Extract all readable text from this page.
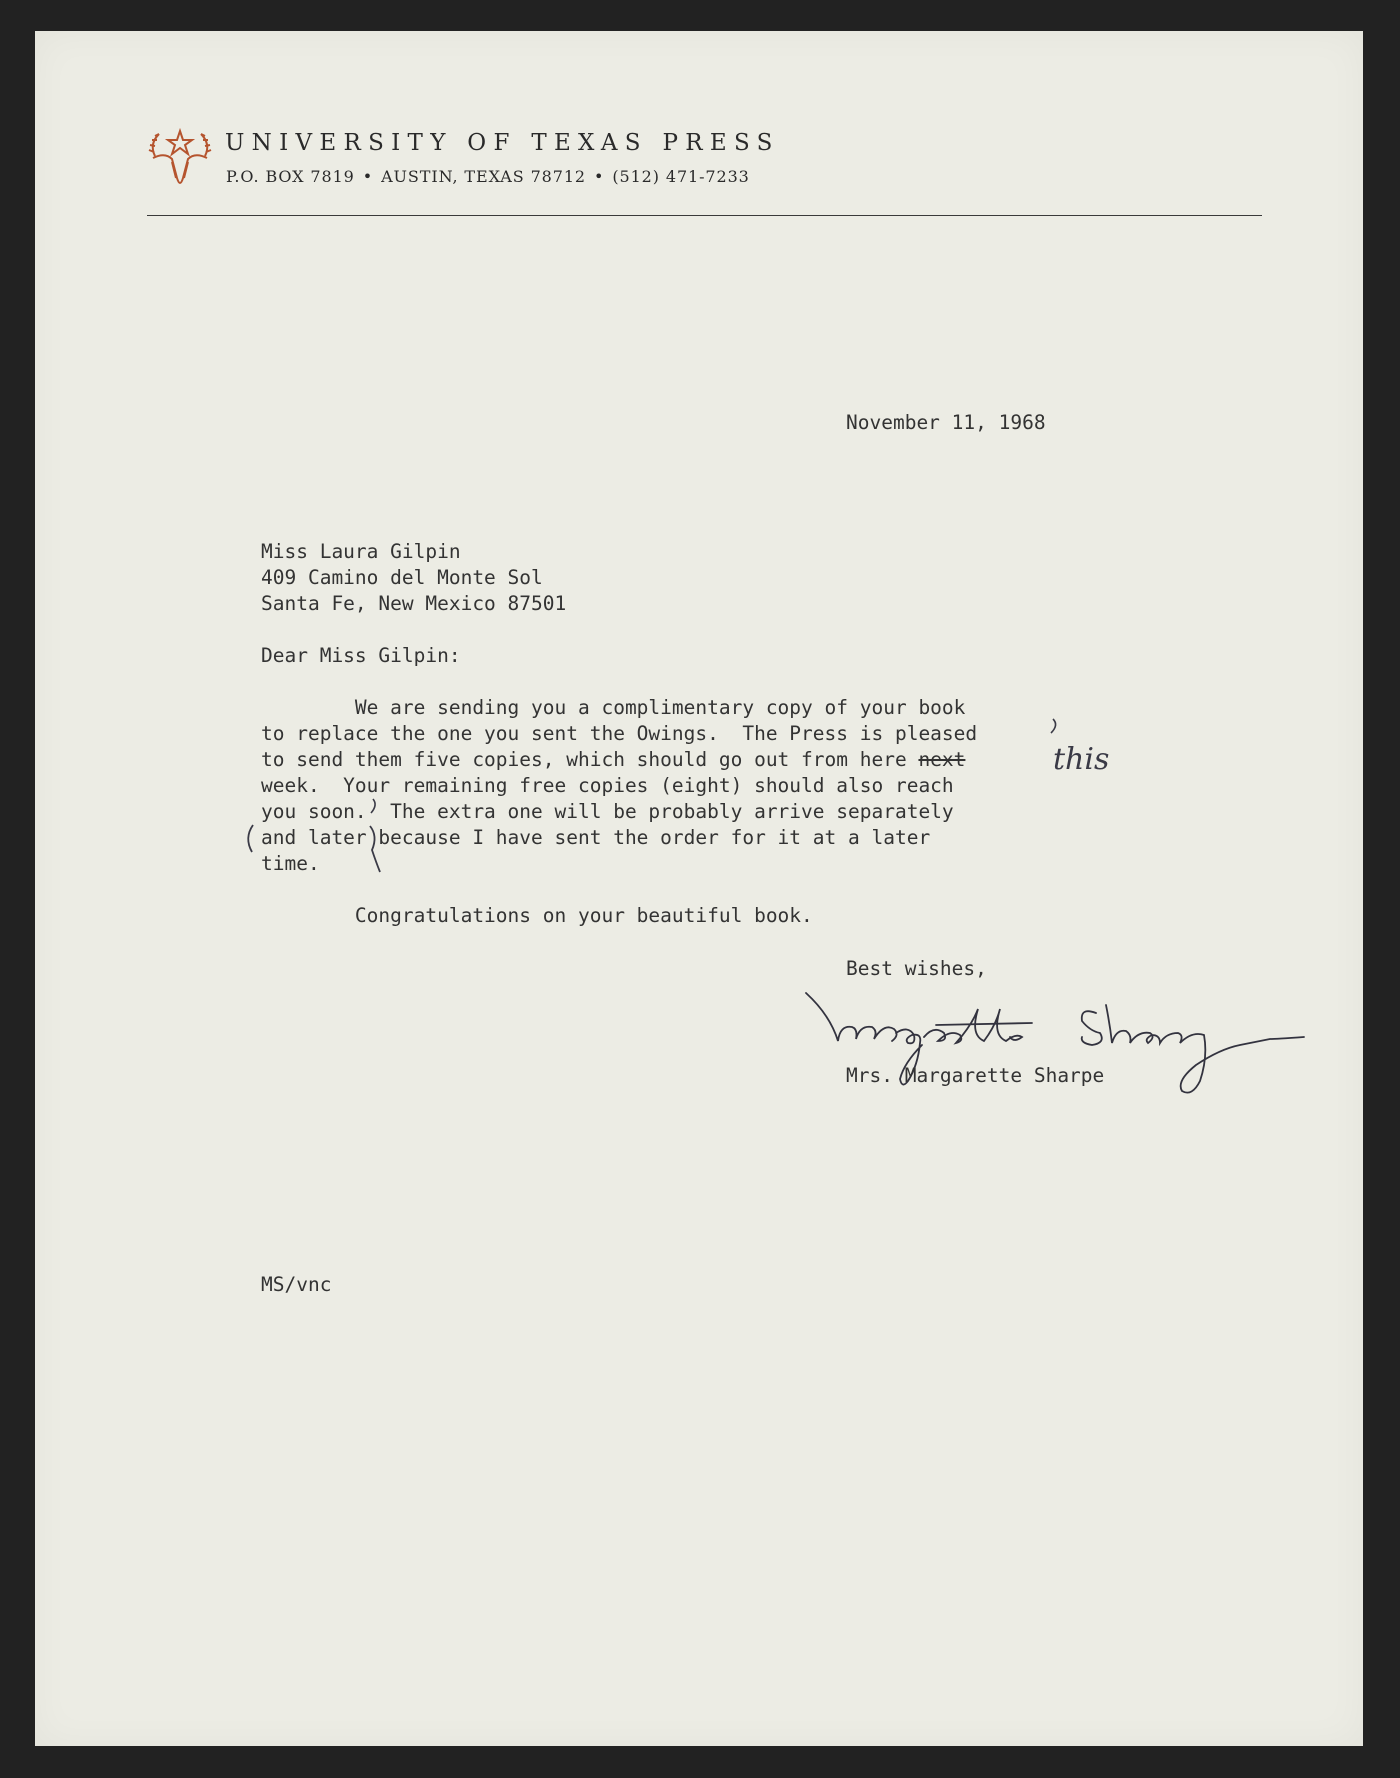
UNIVERSITY OF TEXAS PRESS
P.O. BOX 7819 • AUSTIN, TEXAS 78712 • (512) 471-7233
November 11, 1968
Miss Laura Gilpin
409 Camino del Monte Sol
Santa Fe, New Mexico 87501
Dear Miss Gilpin:
We are sending you a complimentary copy of your book
to replace the one you sent the Owings.  The Press is pleased
to send them five copies, which should go out from here next	this
week.  Your remaining free copies (eight) should also reach
you soon.  The extra one will be probably arrive separately
and later because I have sent the order for it at a later
time.
Congratulations on your beautiful book.
Best wishes,
Mrs. Margarette Sharpe
MS/vnc
